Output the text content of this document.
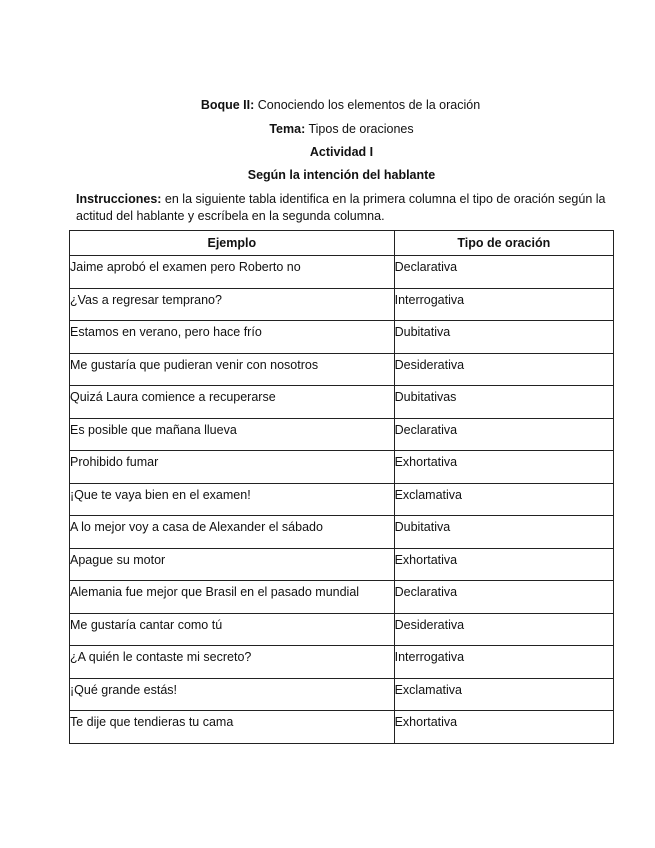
Boque II: Conociendo los elementos de la oración
Tema: Tipos de oraciones
Actividad I
Según la intención del hablante
Instrucciones: en la siguiente tabla identifica en la primera columna el tipo de oración según la actitud del hablante y escríbela en la segunda columna.
Ejemplo	Tipo de oración
Jaime aprobó el examen pero Roberto no	Declarativa
¿Vas a regresar temprano?	Interrogativa
Estamos en verano, pero hace frío	Dubitativa
Me gustaría que pudieran venir con nosotros	Desiderativa
Quizá Laura comience a recuperarse	Dubitativas
Es posible que mañana llueva	Declarativa
Prohibido fumar	Exhortativa
¡Que te vaya bien en el examen!	Exclamativa
A lo mejor voy a casa de Alexander el sábado	Dubitativa
Apague su motor	Exhortativa
Alemania fue mejor que Brasil en el pasado mundial	Declarativa
Me gustaría cantar como tú	Desiderativa
¿A quién le contaste mi secreto?	Interrogativa
¡Qué grande estás!	Exclamativa
Te dije que tendieras tu cama	Exhortativa
